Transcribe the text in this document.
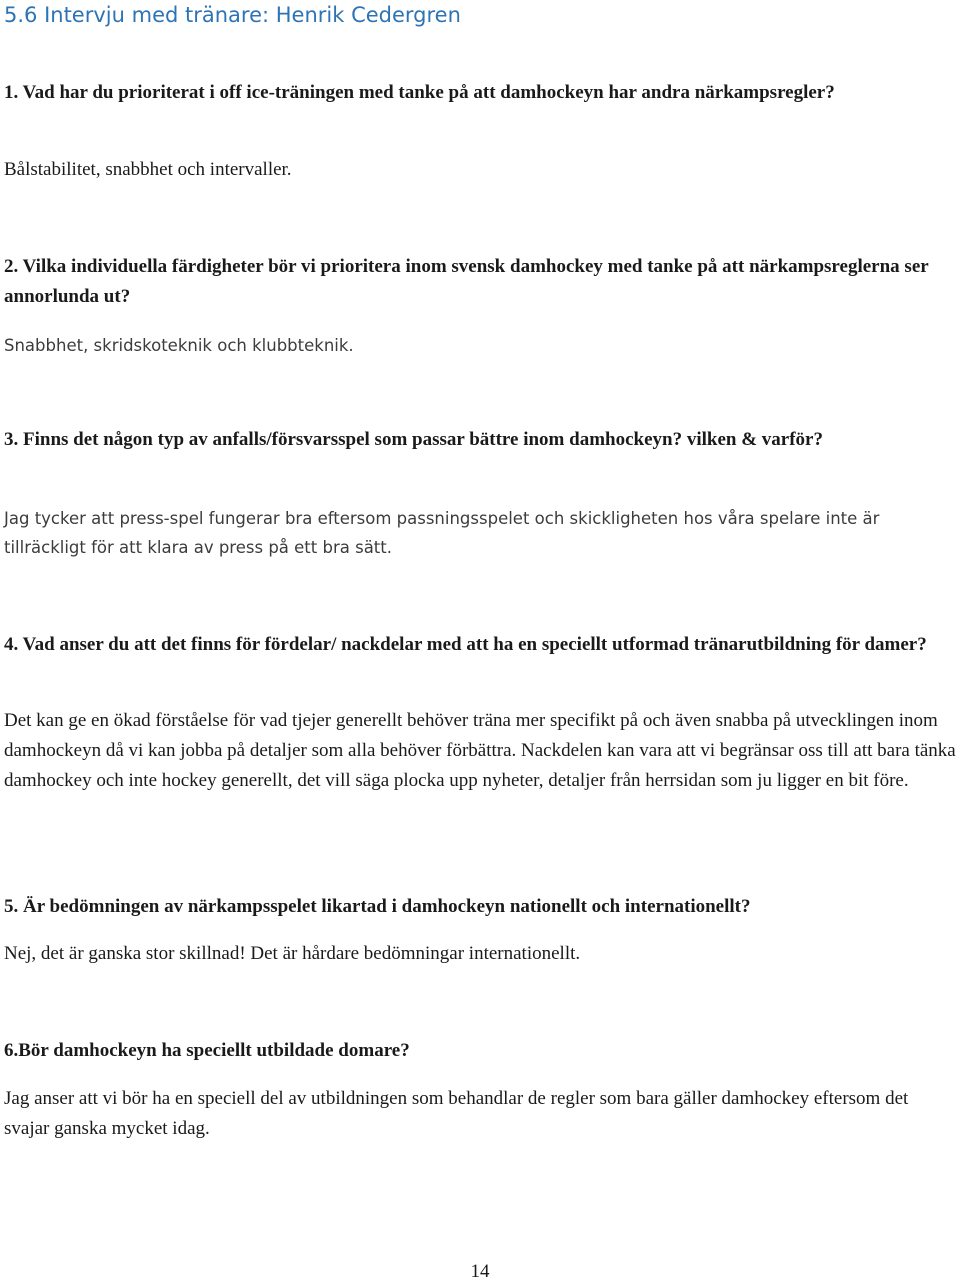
5.6 Intervju med tränare: Henrik Cedergren

1. Vad har du prioriterat i off ice-träningen med tanke på att damhockeyn har andra närkampsregler?

Bålstabilitet, snabbhet och intervaller.

2. Vilka individuella färdigheter bör vi prioritera inom svensk damhockey med tanke på att närkampsreglerna ser annorlunda ut?

Snabbhet, skridskoteknik och klubbteknik.

3. Finns det någon typ av anfalls/försvarsspel som passar bättre inom damhockeyn? vilken & varför?

Jag tycker att press-spel fungerar bra eftersom passningsspelet och skickligheten hos våra spelare inte är tillräckligt för att klara av press på ett bra sätt.

4. Vad anser du att det finns för fördelar/ nackdelar med att ha en speciellt utformad tränarutbildning för damer?

Det kan ge en ökad förståelse för vad tjejer generellt behöver träna mer specifikt på och även snabba på utvecklingen inom damhockeyn då vi kan jobba på detaljer som alla behöver förbättra. Nackdelen kan vara att vi begränsar oss till att bara tänka damhockey och inte hockey generellt, det vill säga plocka upp nyheter, detaljer från herrsidan som ju ligger en bit före.

5. Är bedömningen av närkampsspelet likartad i damhockeyn nationellt och internationellt?

Nej, det är ganska stor skillnad! Det är hårdare bedömningar internationellt.

6.Bör damhockeyn ha speciellt utbildade domare?

Jag anser att vi bör ha en speciell del av utbildningen som behandlar de regler som bara gäller damhockey eftersom det svajar ganska mycket idag.

14
